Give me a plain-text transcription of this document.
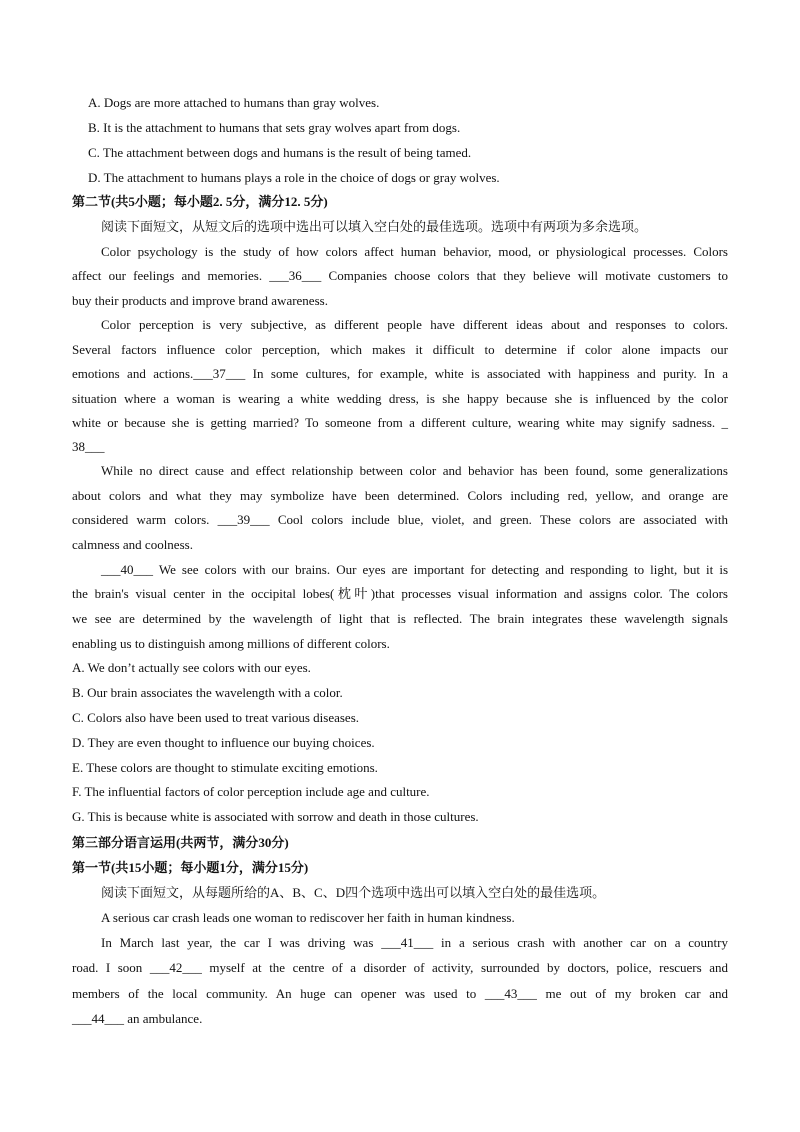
A. Dogs are more attached to humans than gray wolves.
B. It is the attachment to humans that sets gray wolves apart from dogs.
C. The attachment between dogs and humans is the result of being tamed.
D. The attachment to humans plays a role in the choice of dogs or gray wolves.
第二节(共5小题；每小题2. 5分，满分12. 5分)
阅读下面短文，从短文后的选项中选出可以填入空白处的最佳选项。选项中有两项为多余选项。
Color psychology is the study of how colors affect human behavior, mood, or physiological processes. Colors
affect our feelings and memories. ___36___ Companies choose colors that they believe will motivate customers to
buy their products and improve brand awareness.
Color perception is very subjective, as different people have different ideas about and responses to colors.
Several factors influence color perception, which makes it difficult to determine if color alone impacts our
emotions and actions.___37___ In some cultures, for example, white is associated with happiness and purity. In a
situation where a woman is wearing a white wedding dress, is she happy because she is influenced by the color
white or because she is getting married? To someone from a different culture, wearing white may signify sadness. _
38___
While no direct cause and effect relationship between color and behavior has been found, some generalizations
about colors and what they may symbolize have been determined. Colors including red, yellow, and orange are
considered warm colors. ___39___ Cool colors include blue, violet, and green. These colors are associated with
calmness and coolness.
___40___ We see colors with our brains. Our eyes are important for detecting and responding to light, but it is
the brain's visual center in the occipital lobes(枕叶)that processes visual information and assigns color. The colors
we see are determined by the wavelength of light that is reflected. The brain integrates these wavelength signals
enabling us to distinguish among millions of different colors.
A. We don’t actually see colors with our eyes.
B. Our brain associates the wavelength with a color.
C. Colors also have been used to treat various diseases.
D. They are even thought to influence our buying choices.
E. These colors are thought to stimulate exciting emotions.
F. The influential factors of color perception include age and culture.
G. This is because white is associated with sorrow and death in those cultures.
第三部分语言运用(共两节，满分30分)
第一节(共15小题；每小题1分，满分15分)
阅读下面短文，从每题所给的A、B、C、D四个选项中选出可以填入空白处的最佳选项。
A serious car crash leads one woman to rediscover her faith in human kindness.
In March last year, the car I was driving was ___41___ in a serious crash with another car on a country
road. I soon ___42___ myself at the centre of a disorder of activity, surrounded by doctors, police, rescuers and
members of the local community. An huge can opener was used to ___43___ me out of my broken car and
___44___ an ambulance.
